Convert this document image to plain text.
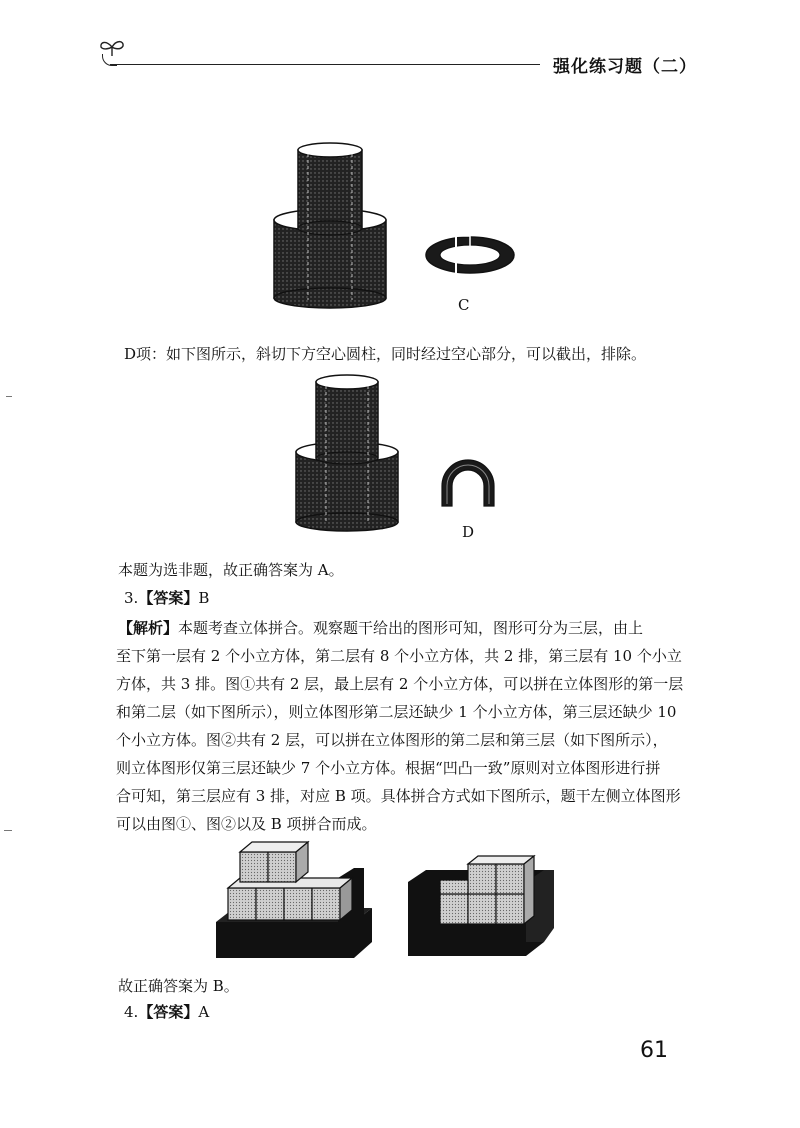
强化练习题（二）
C

D项：如下图所示，斜切下方空心圆柱，同时经过空心部分，可以截出，排除。

D

本题为选非题，故正确答案为 A。

3.【答案】B

【解析】本题考查立体拼合。观察题干给出的图形可知，图形可分为三层，由上

至下第一层有 2 个小立方体，第二层有 8 个小立方体，共 2 排，第三层有 10 个小立

方体，共 3 排。图①共有 2 层，最上层有 2 个小立方体，可以拼在立体图形的第一层

和第二层（如下图所示），则立体图形第二层还缺少 1 个小立方体，第三层还缺少 10

个小立方体。图②共有 2 层，可以拼在立体图形的第二层和第三层（如下图所示），

则立体图形仅第三层还缺少 7 个小立方体。根据“凹凸一致”原则对立体图形进行拼

合可知，第三层应有 3 排，对应 B 项。具体拼合方式如下图所示，题干左侧立体图形

可以由图①、图②以及 B 项拼合而成。

故正确答案为 B。

4.【答案】A

61
